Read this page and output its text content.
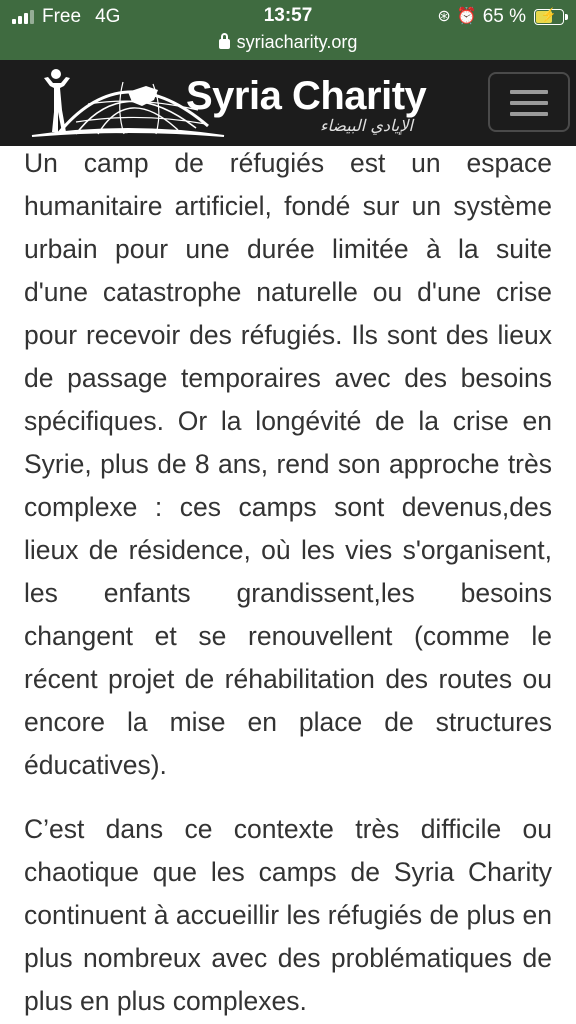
Free 4G	13:57	⊛ ⏰ 65 %	⚡
syriacharity.org
Syria Charity
الإيادي البيضاء

Un camp de réfugiés est un espace humanitaire artificiel, fondé sur un système urbain pour une durée limitée à la suite d'une catastrophe naturelle ou d'une crise pour recevoir des réfugiés. Ils sont des lieux de passage temporaires avec des besoins spécifiques. Or la longévité de la crise en Syrie, plus de 8 ans, rend son approche très complexe : ces camps sont devenus,des lieux de résidence, où les vies s'organisent, les enfants grandissent,les besoins changent et se renouvellent (comme le récent projet de réhabilitation des routes ou encore la mise en place de structures éducatives).

C’est dans ce contexte très difficile ou chaotique que les camps de Syria Charity continuent à accueillir les réfugiés de plus en plus nombreux avec des problématiques de plus en plus complexes.
